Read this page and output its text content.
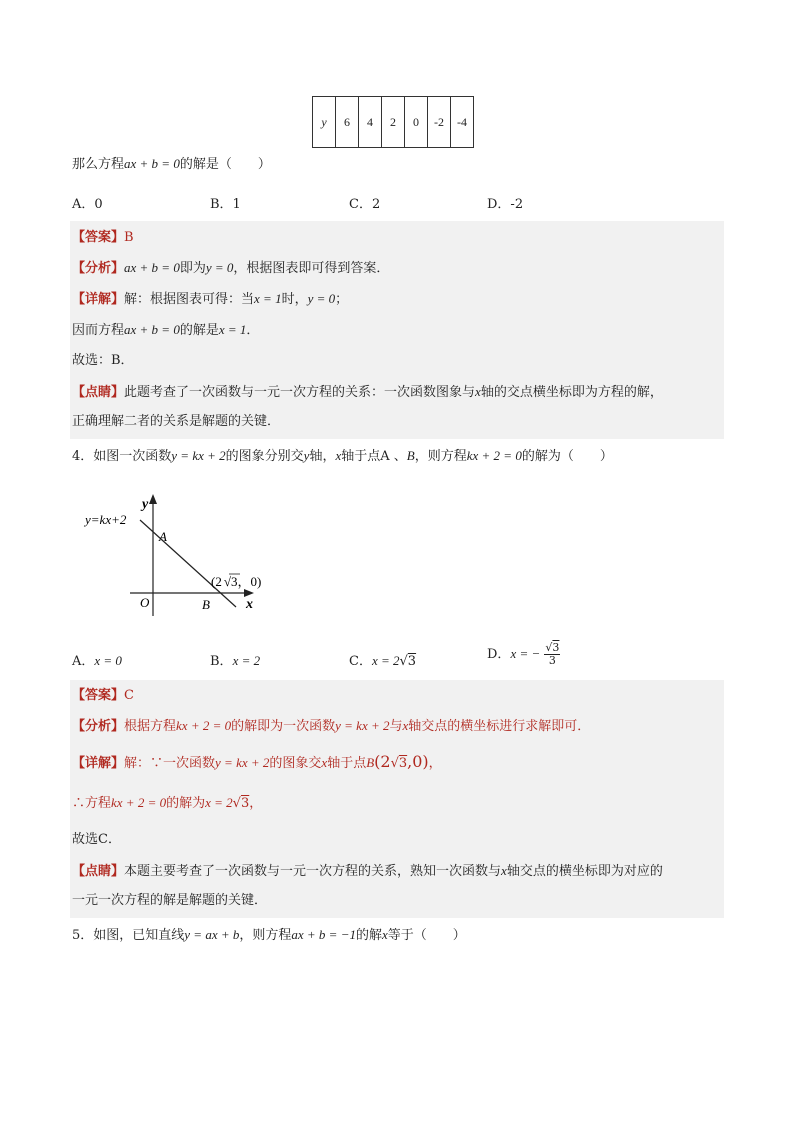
y	6	4	2	0	-2	-4
那么方程ax + b = 0的解是（　　）
A．0	B．1	C．2	D．-2
【答案】B
【分析】ax + b = 0即为y = 0，根据图表即可得到答案．
【详解】解：根据图表可得：当x = 1时，y = 0；
因而方程ax + b = 0的解是x = 1．
故选：B．
【点睛】此题考查了一次函数与一元一次方程的关系：一次函数图象与x轴的交点横坐标即为方程的解，
正确理解二者的关系是解题的关键．
4．如图一次函数y = kx + 2的图象分别交y轴，x轴于点A 、B，则方程kx + 2 = 0的解为（　　）
y
x
y=kx+2
A
O	B
(2 √3，0)
A．x = 0	B．x = 2	C．x = 2√3	D．x = − $\frac{√3}{3}$
【答案】C
【分析】根据方程kx + 2 = 0的解即为一次函数y = kx + 2与x轴交点的横坐标进行求解即可．
【详解】解：∵一次函数y = kx + 2的图象交x轴于点B(2√3,0)，
∴方程kx + 2 = 0的解为x = 2√3，
故选C．
【点睛】本题主要考查了一次函数与一元一次方程的关系，熟知一次函数与x轴交点的横坐标即为对应的
一元一次方程的解是解题的关键．
5．如图，已知直线y = ax + b，则方程ax + b = −1的解x等于（　　）
